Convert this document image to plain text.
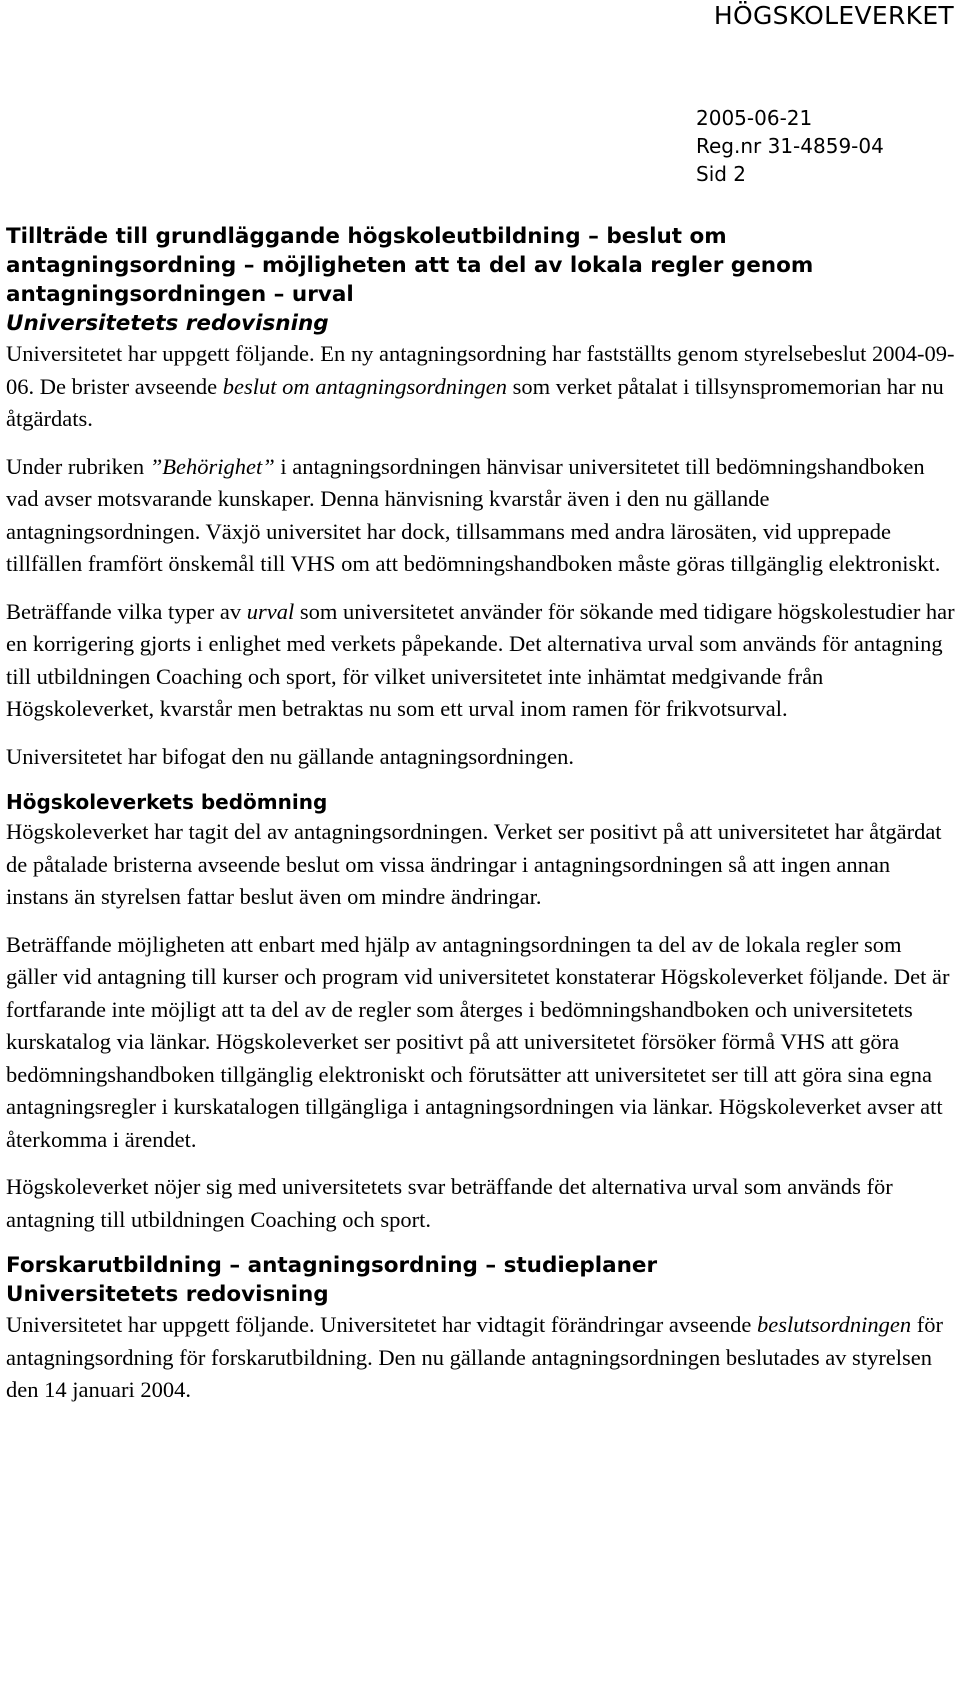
HÖGSKOLEVERKET
2005-06-21
Reg.nr 31-4859-04
Sid 2
Tillträde till grundläggande högskoleutbildning – beslut om antagningsordning – möjligheten att ta del av lokala regler genom antagningsordningen – urval
Universitetets redovisning

Universitetet har uppgett följande. En ny antagningsordning har fastställts genom styrelsebeslut 2004-09-06. De brister avseende beslut om antagningsordningen som verket påtalat i tillsynspromemorian har nu åtgärdats.

Under rubriken ”Behörighet” i antagningsordningen hänvisar universitetet till bedömningshandboken vad avser motsvarande kunskaper. Denna hänvisning kvarstår även i den nu gällande antagningsordningen. Växjö universitet har dock, tillsammans med andra lärosäten, vid upprepade tillfällen framfört önskemål till VHS om att bedömningshandboken måste göras tillgänglig elektroniskt.

Beträffande vilka typer av urval som universitetet använder för sökande med tidigare högskolestudier har en korrigering gjorts i enlighet med verkets påpekande. Det alternativa urval som används för antagning till utbildningen Coaching och sport, för vilket universitetet inte inhämtat medgivande från Högskoleverket, kvarstår men betraktas nu som ett urval inom ramen för frikvotsurval.

Universitetet har bifogat den nu gällande antagningsordningen.

Högskoleverkets bedömning

Högskoleverket har tagit del av antagningsordningen. Verket ser positivt på att universitetet har åtgärdat de påtalade bristerna avseende beslut om vissa ändringar i antagningsordningen så att ingen annan instans än styrelsen fattar beslut även om mindre ändringar.

Beträffande möjligheten att enbart med hjälp av antagningsordningen ta del av de lokala regler som gäller vid antagning till kurser och program vid universitetet konstaterar Högskoleverket följande. Det är fortfarande inte möjligt att ta del av de regler som återges i bedömningshandboken och universitetets kurskatalog via länkar. Högskoleverket ser positivt på att universitetet försöker förmå VHS att göra bedömningshandboken tillgänglig elektroniskt och förutsätter att universitetet ser till att göra sina egna antagningsregler i kurskatalogen tillgängliga i antagningsordningen via länkar. Högskoleverket avser att återkomma i ärendet.

Högskoleverket nöjer sig med universitetets svar beträffande det alternativa urval som används för antagning till utbildningen Coaching och sport.

Forskarutbildning – antagningsordning – studieplaner
Universitetets redovisning

Universitetet har uppgett följande. Universitetet har vidtagit förändringar avseende beslutsordningen för antagningsordning för forskarutbildning. Den nu gällande antagningsordningen beslutades av styrelsen den 14 januari 2004.
